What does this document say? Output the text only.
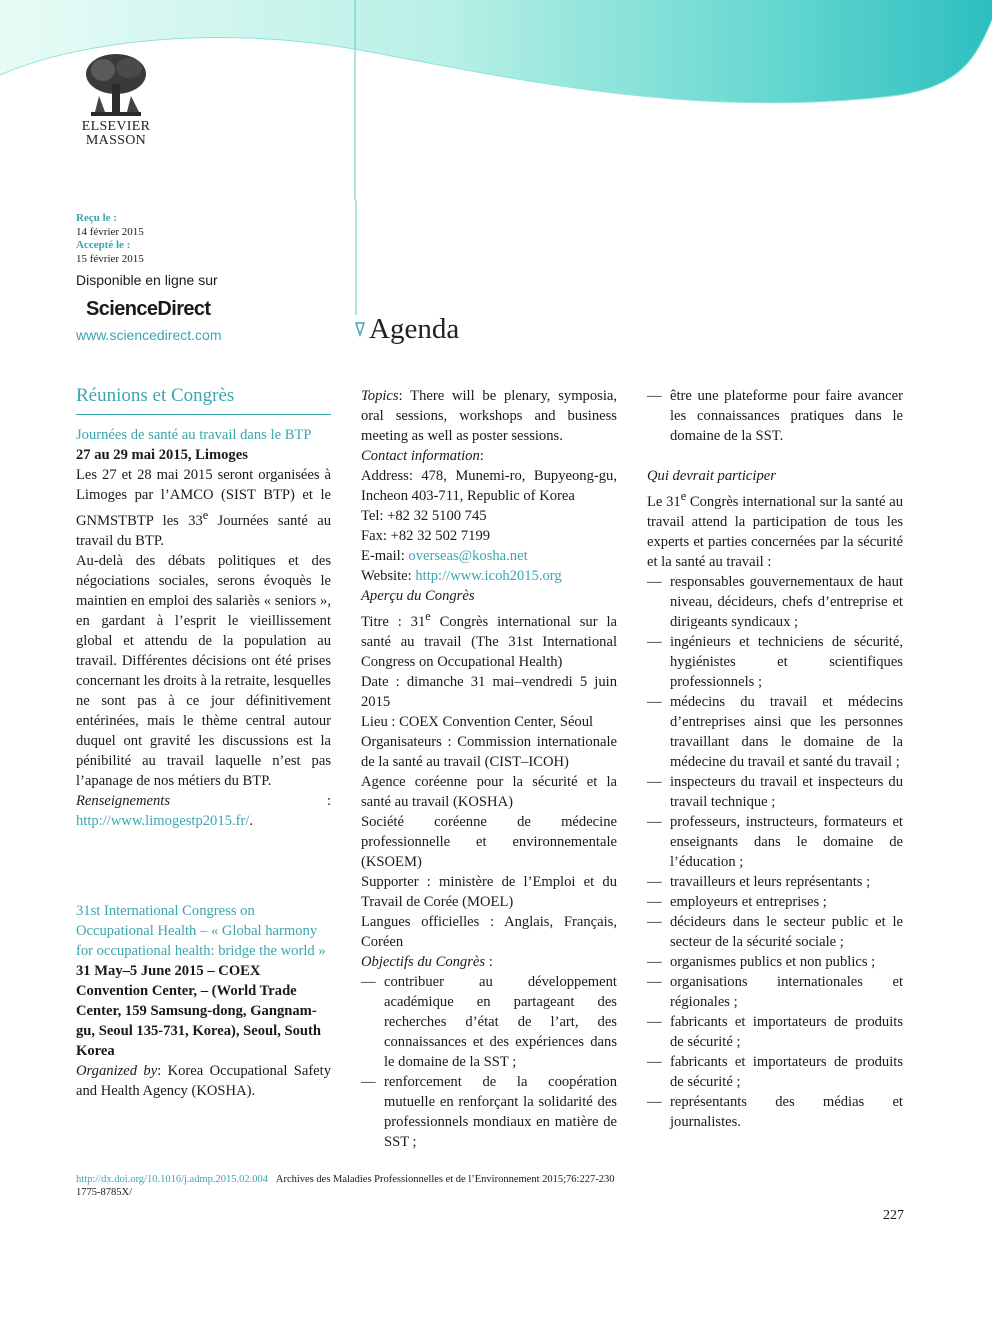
ELSEVIER
MASSON
Reçu le :
14 février 2015
Accepté le :
15 février 2015
Disponible en ligne sur
ScienceDirect
www.sciencedirect.com	Agenda
Réunions et Congrès
Journées de santé au travail dans le BTP

27 au 29 mai 2015, Limoges

Les 27 et 28 mai 2015 seront organisées à Limoges par l’AMCO (SIST BTP) et le GNMSTBTP les 33e Journées santé au travail du BTP.

Au-delà des débats politiques et des négociations sociales, serons évoquès le maintien en emploi des salariès « seniors », en gardant à l’esprit le vieillissement global et attendu de la population au travail. Différentes décisions ont été prises concernant les droits à la retraite, lesquelles ne sont pas à ce jour définitivement entérinées, mais le thème central autour duquel ont gravité les discussions est la pénibilité au travail laquelle n’est pas l’apanage de nos métiers du BTP.

Renseignements : http://www.limogestp2015.fr/.

31st International Congress on Occupational Health – « Global harmony for occupational health: bridge the world »

31 May–5 June 2015 – COEX Convention Center, – (World Trade Center, 159 Samsung-dong, Gangnam-gu, Seoul 135-731, Korea), Seoul, South Korea

Organized by: Korea Occupational Safety and Health Agency (KOSHA).

Topics: There will be plenary, symposia, oral sessions, workshops and business meeting as well as poster sessions.

Contact information:

Address: 478, Munemi-ro, Bupyeong-gu, Incheon 403-711, Republic of Korea

Tel: +82 32 5100 745

Fax: +82 32 502 7199

E-mail: overseas@kosha.net

Website: http://www.icoh2015.org

Aperçu du Congrès

Titre : 31e Congrès international sur la santé au travail (The 31st International Congress on Occupational Health)

Date : dimanche 31 mai–vendredi 5 juin 2015

Lieu : COEX Convention Center, Séoul

Organisateurs : Commission internationale de la santé au travail (CIST–ICOH)

Agence coréenne pour la sécurité et la santé au travail (KOSHA)

Société coréenne de médecine professionnelle et environnementale (KSOEM)

Supporter : ministère de l’Emploi et du Travail de Corée (MOEL)

Langues officielles : Anglais, Français, Coréen

Objectifs du Congrès :

— contribuer au développement académique en partageant des recherches d’état de l’art, des connaissances et des expériences dans le domaine de la SST ;
— renforcement de la coopération mutuelle en renforçant la solidarité des professionnels mondiaux en matière de SST ;
— être une plateforme pour faire avancer les connaissances pratiques dans le domaine de la SST.

Qui devrait participer

Le 31e Congrès international sur la santé au travail attend la participation de tous les experts et parties concernées par la sécurité et la santé au travail :

— responsables gouvernementaux de haut niveau, décideurs, chefs d’entreprise et dirigeants syndicaux ;
— ingénieurs et techniciens de sécurité, hygiénistes et scientifiques professionnels ;
— médecins du travail et médecins d’entreprises ainsi que les personnes travaillant dans le domaine de la médecine du travail et santé du travail ;
— inspecteurs du travail et inspecteurs du travail technique ;
— professeurs, instructeurs, formateurs et enseignants dans le domaine de l’éducation ;
— travailleurs et leurs représentants ;
— employeurs et entreprises ;
— décideurs dans le secteur public et le secteur de la sécurité sociale ;
— organismes publics et non publics ;
— organisations internationales et régionales ;
— fabricants et importateurs de produits de sécurité ;
— fabricants et importateurs de produits de sécurité ;
— représentants des médias et journalistes.
http://dx.doi.org/10.1016/j.admp.2015.02.004 Archives des Maladies Professionnelles et de l’Environnement 2015;76:227-230
1775-8785X/
227
